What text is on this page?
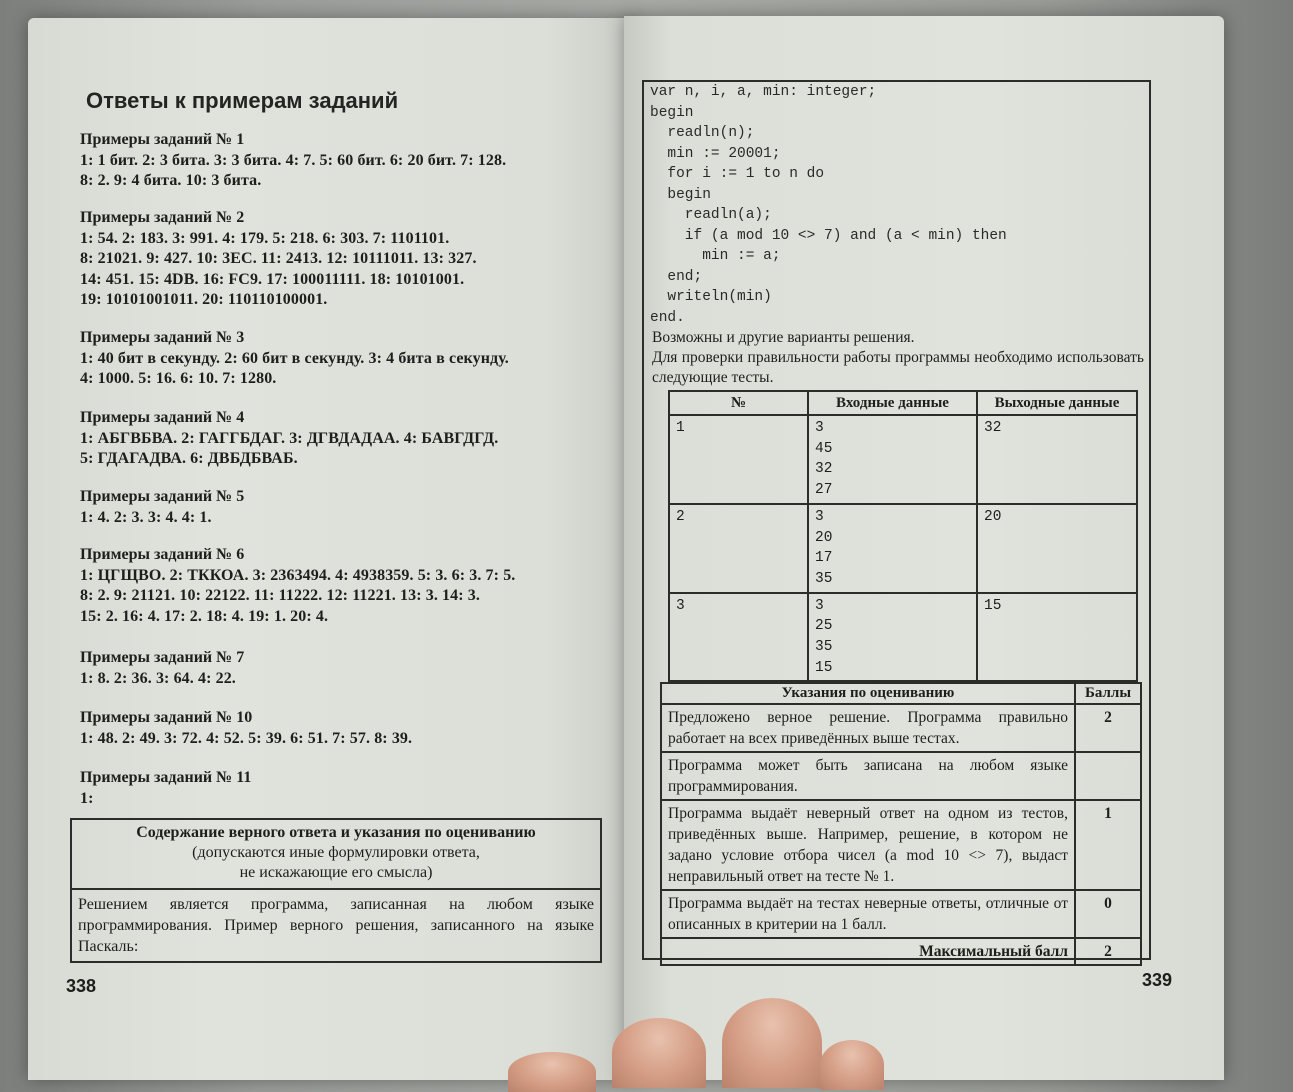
Ответы к примерам заданий
Примеры заданий № 1

1: 1 бит. 2: 3 бита. 3: 3 бита. 4: 7. 5: 60 бит. 6: 20 бит. 7: 128.

8: 2. 9: 4 бита. 10: 3 бита.

Примеры заданий № 2

1: 54. 2: 183. 3: 991. 4: 179. 5: 218. 6: 303. 7: 1101101.

8: 21021. 9: 427. 10: 3EC. 11: 2413. 12: 10111011. 13: 327.

14: 451. 15: 4DB. 16: FC9. 17: 100011111. 18: 10101001.

19: 10101001011. 20: 110110100001.

Примеры заданий № 3

1: 40 бит в секунду. 2: 60 бит в секунду. 3: 4 бита в секунду.

4: 1000. 5: 16. 6: 10. 7: 1280.

Примеры заданий № 4

1: АБГВБВА. 2: ГАГГБДАГ. 3: ДГВДАДАА. 4: БАВГДГД.

5: ГДАГАДВА. 6: ДВБДБВАБ.

Примеры заданий № 5

1: 4. 2: 3. 3: 4. 4: 1.

Примеры заданий № 6

1: ЦГЩВО. 2: ТККОА. 3: 2363494. 4: 4938359. 5: 3. 6: 3. 7: 5.

8: 2. 9: 21121. 10: 22122. 11: 11222. 12: 11221. 13: 3. 14: 3.

15: 2. 16: 4. 17: 2. 18: 4. 19: 1. 20: 4.

Примеры заданий № 7

1: 8. 2: 36. 3: 64. 4: 22.

Примеры заданий № 10

1: 48. 2: 49. 3: 72. 4: 52. 5: 39. 6: 51. 7: 57. 8: 39.

Примеры заданий № 11

1:

Содержание верного ответа и указания по оцениванию
(допускаются иные формулировки ответа,
не искажающие его смысла)
Решением является программа, записанная на любом языке программирования. Пример верного решения, записанного на языке Паскаль:
338
var n, i, a, min: integer;
begin
readln(n);
min := 20001;
for i := 1 to n do
begin
readln(a);
if (a mod 10 <> 7) and (a < min) then
min := a;
end;
writeln(min)
end.
Возможны и другие варианты решения.
Для проверки правильности работы программы необходимо использовать следующие тесты.
№	Входные данные	Выходные данные
1	3
45
32
27	32
2	3
20
17
35	20
3	3
25
35
15	15
Указания по оцениванию	Баллы
Предложено верное решение. Программа правильно работает на всех приведённых выше тестах.	2
Программа может быть записана на любом языке программирования.	
Программа выдаёт неверный ответ на одном из тестов, приведённых выше. Например, решение, в котором не задано условие отбора чисел (a mod 10 <> 7), выдаст неправильный ответ на тесте № 1.	1
Программа выдаёт на тестах неверные ответы, отличные от описанных в критерии на 1 балл.	0
Максимальный балл	2
339
